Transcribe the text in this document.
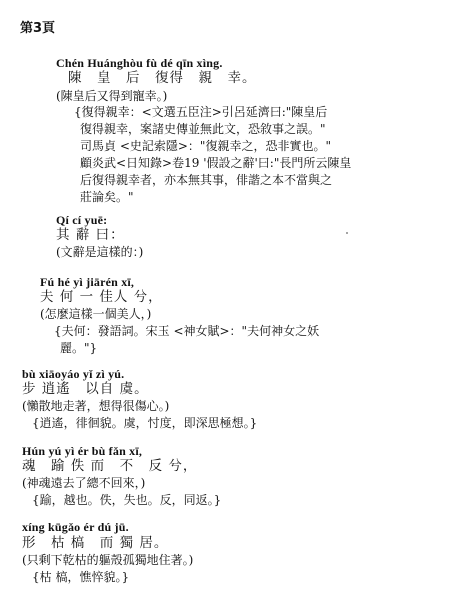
第3頁
Chén Huánghòu fù dé qīn xìng.
陳　皇　后　復得　親　幸。
(陳皇后又得到寵幸。)
{復得親幸：<文選五臣注>引呂延濟曰:"陳皇后
復得親幸，案諸史傳並無此文，恐敘事之誤。"
司馬貞 <史記索隱>："復親幸之，恐非實也。"
顧炎武<日知錄>卷19 '假設之辭'曰:"長門所云陳皇
后復得親幸者，亦本無其事，俳諧之本不當與之
莊論矣。"
Qí cí yuē:
其 辭 曰：
(文辭是這樣的：)
Fú hé yì jiārén xī,
夫 何 一 佳人 兮，
(怎麼這樣一個美人，)
{夫何：發語詞。宋玉 <神女賦>："夫何神女之妖
麗。"}
bù xiāoyáo yǐ zì yú.
步 逍遙　以自 虞。
(懶散地走著，想得很傷心。)
{逍遙，徘徊貌。虞，忖度，即深思極想。}
Hún yú yì ér bù fǎn xī,
魂　踰 佚 而　不　反 兮，
(神魂遠去了總不回來，)
{踰，越也。佚，失也。反，同返。}
xíng kūgǎo ér dú jū.
形　枯 槁　而 獨 居。
(只剩下乾枯的軀殼孤獨地住著。)
{枯 槁，憔悴貌。}
